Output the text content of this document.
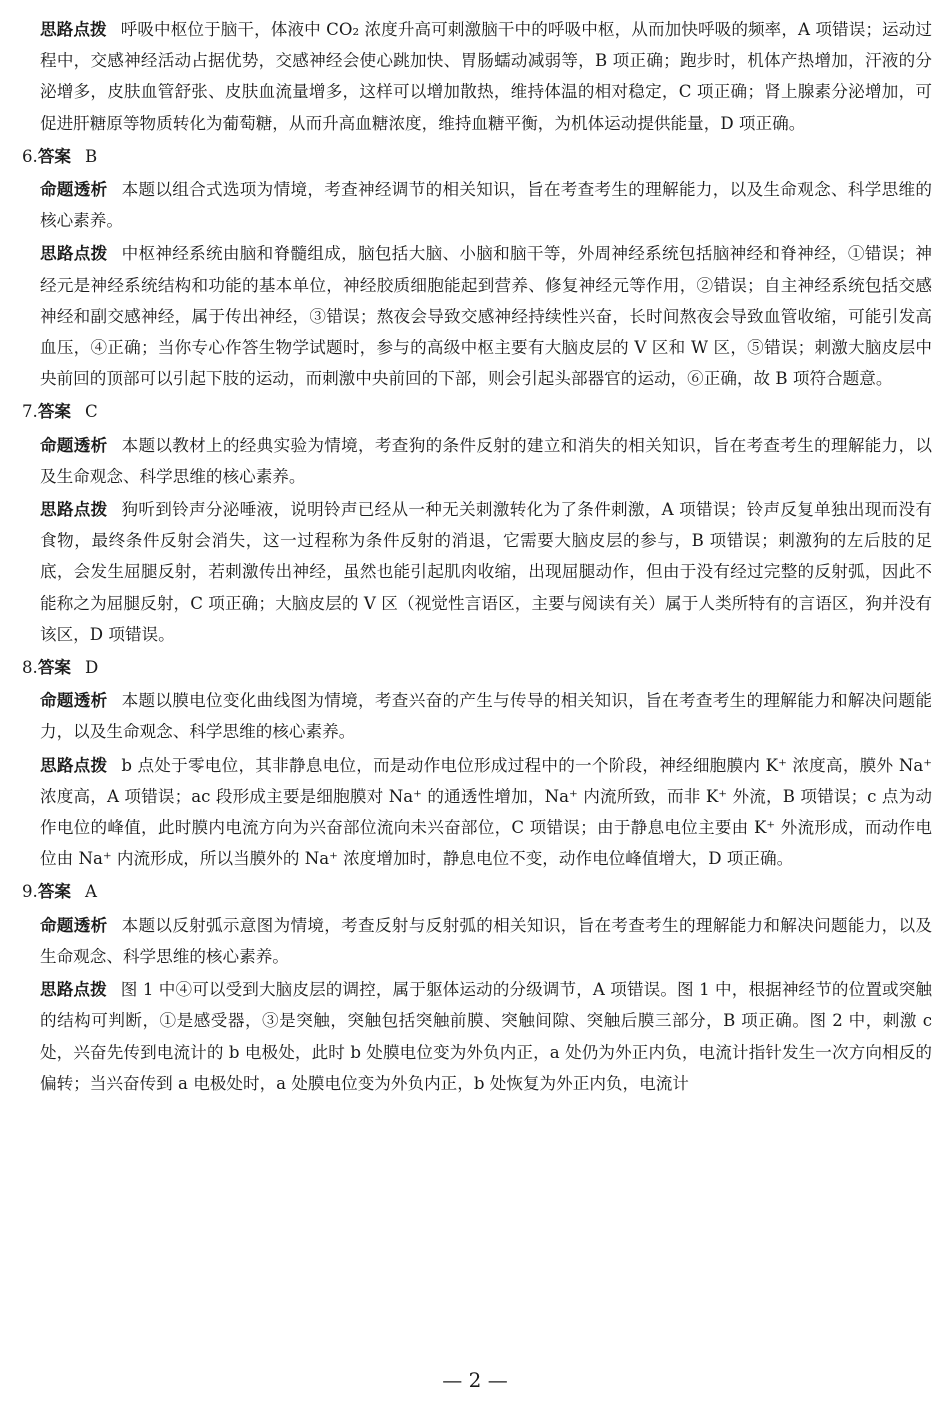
思路点拨 呼吸中枢位于脑干，体液中 CO₂ 浓度升高可刺激脑干中的呼吸中枢，从而加快呼吸的频率，A 项错误；运动过程中，交感神经活动占据优势，交感神经会使心跳加快、胃肠蠕动减弱等，B 项正确；跑步时，机体产热增加，汗液的分泌增多，皮肤血管舒张、皮肤血流量增多，这样可以增加散热，维持体温的相对稳定，C 项正确；肾上腺素分泌增加，可促进肝糖原等物质转化为葡萄糖，从而升高血糖浓度，维持血糖平衡，为机体运动提供能量，D 项正确。

6.答案 B

命题透析 本题以组合式选项为情境，考查神经调节的相关知识，旨在考查考生的理解能力，以及生命观念、科学思维的核心素养。

思路点拨 中枢神经系统由脑和脊髓组成，脑包括大脑、小脑和脑干等，外周神经系统包括脑神经和脊神经，①错误；神经元是神经系统结构和功能的基本单位，神经胶质细胞能起到营养、修复神经元等作用，②错误；自主神经系统包括交感神经和副交感神经，属于传出神经，③错误；熬夜会导致交感神经持续性兴奋，长时间熬夜会导致血管收缩，可能引发高血压，④正确；当你专心作答生物学试题时，参与的高级中枢主要有大脑皮层的 V 区和 W 区，⑤错误；刺激大脑皮层中央前回的顶部可以引起下肢的运动，而刺激中央前回的下部，则会引起头部器官的运动，⑥正确，故 B 项符合题意。

7.答案 C

命题透析 本题以教材上的经典实验为情境，考查狗的条件反射的建立和消失的相关知识，旨在考查考生的理解能力，以及生命观念、科学思维的核心素养。

思路点拨 狗听到铃声分泌唾液，说明铃声已经从一种无关刺激转化为了条件刺激，A 项错误；铃声反复单独出现而没有食物，最终条件反射会消失，这一过程称为条件反射的消退，它需要大脑皮层的参与，B 项错误；刺激狗的左后肢的足底，会发生屈腿反射，若刺激传出神经，虽然也能引起肌肉收缩，出现屈腿动作，但由于没有经过完整的反射弧，因此不能称之为屈腿反射，C 项正确；大脑皮层的 V 区（视觉性言语区，主要与阅读有关）属于人类所特有的言语区，狗并没有该区，D 项错误。

8.答案 D

命题透析 本题以膜电位变化曲线图为情境，考查兴奋的产生与传导的相关知识，旨在考查考生的理解能力和解决问题能力，以及生命观念、科学思维的核心素养。

思路点拨 b 点处于零电位，其非静息电位，而是动作电位形成过程中的一个阶段，神经细胞膜内 K⁺ 浓度高，膜外 Na⁺ 浓度高，A 项错误；ac 段形成主要是细胞膜对 Na⁺ 的通透性增加，Na⁺ 内流所致，而非 K⁺ 外流，B 项错误；c 点为动作电位的峰值，此时膜内电流方向为兴奋部位流向未兴奋部位，C 项错误；由于静息电位主要由 K⁺ 外流形成，而动作电位由 Na⁺ 内流形成，所以当膜外的 Na⁺ 浓度增加时，静息电位不变，动作电位峰值增大，D 项正确。

9.答案 A

命题透析 本题以反射弧示意图为情境，考查反射与反射弧的相关知识，旨在考查考生的理解能力和解决问题能力，以及生命观念、科学思维的核心素养。

思路点拨 图 1 中④可以受到大脑皮层的调控，属于躯体运动的分级调节，A 项错误。图 1 中，根据神经节的位置或突触的结构可判断，①是感受器，③是突触，突触包括突触前膜、突触间隙、突触后膜三部分，B 项正确。图 2 中，刺激 c 处，兴奋先传到电流计的 b 电极处，此时 b 处膜电位变为外负内正，a 处仍为外正内负，电流计指针发生一次方向相反的偏转；当兴奋传到 a 电极处时，a 处膜电位变为外负内正，b 处恢复为外正内负，电流计

— 2 —
